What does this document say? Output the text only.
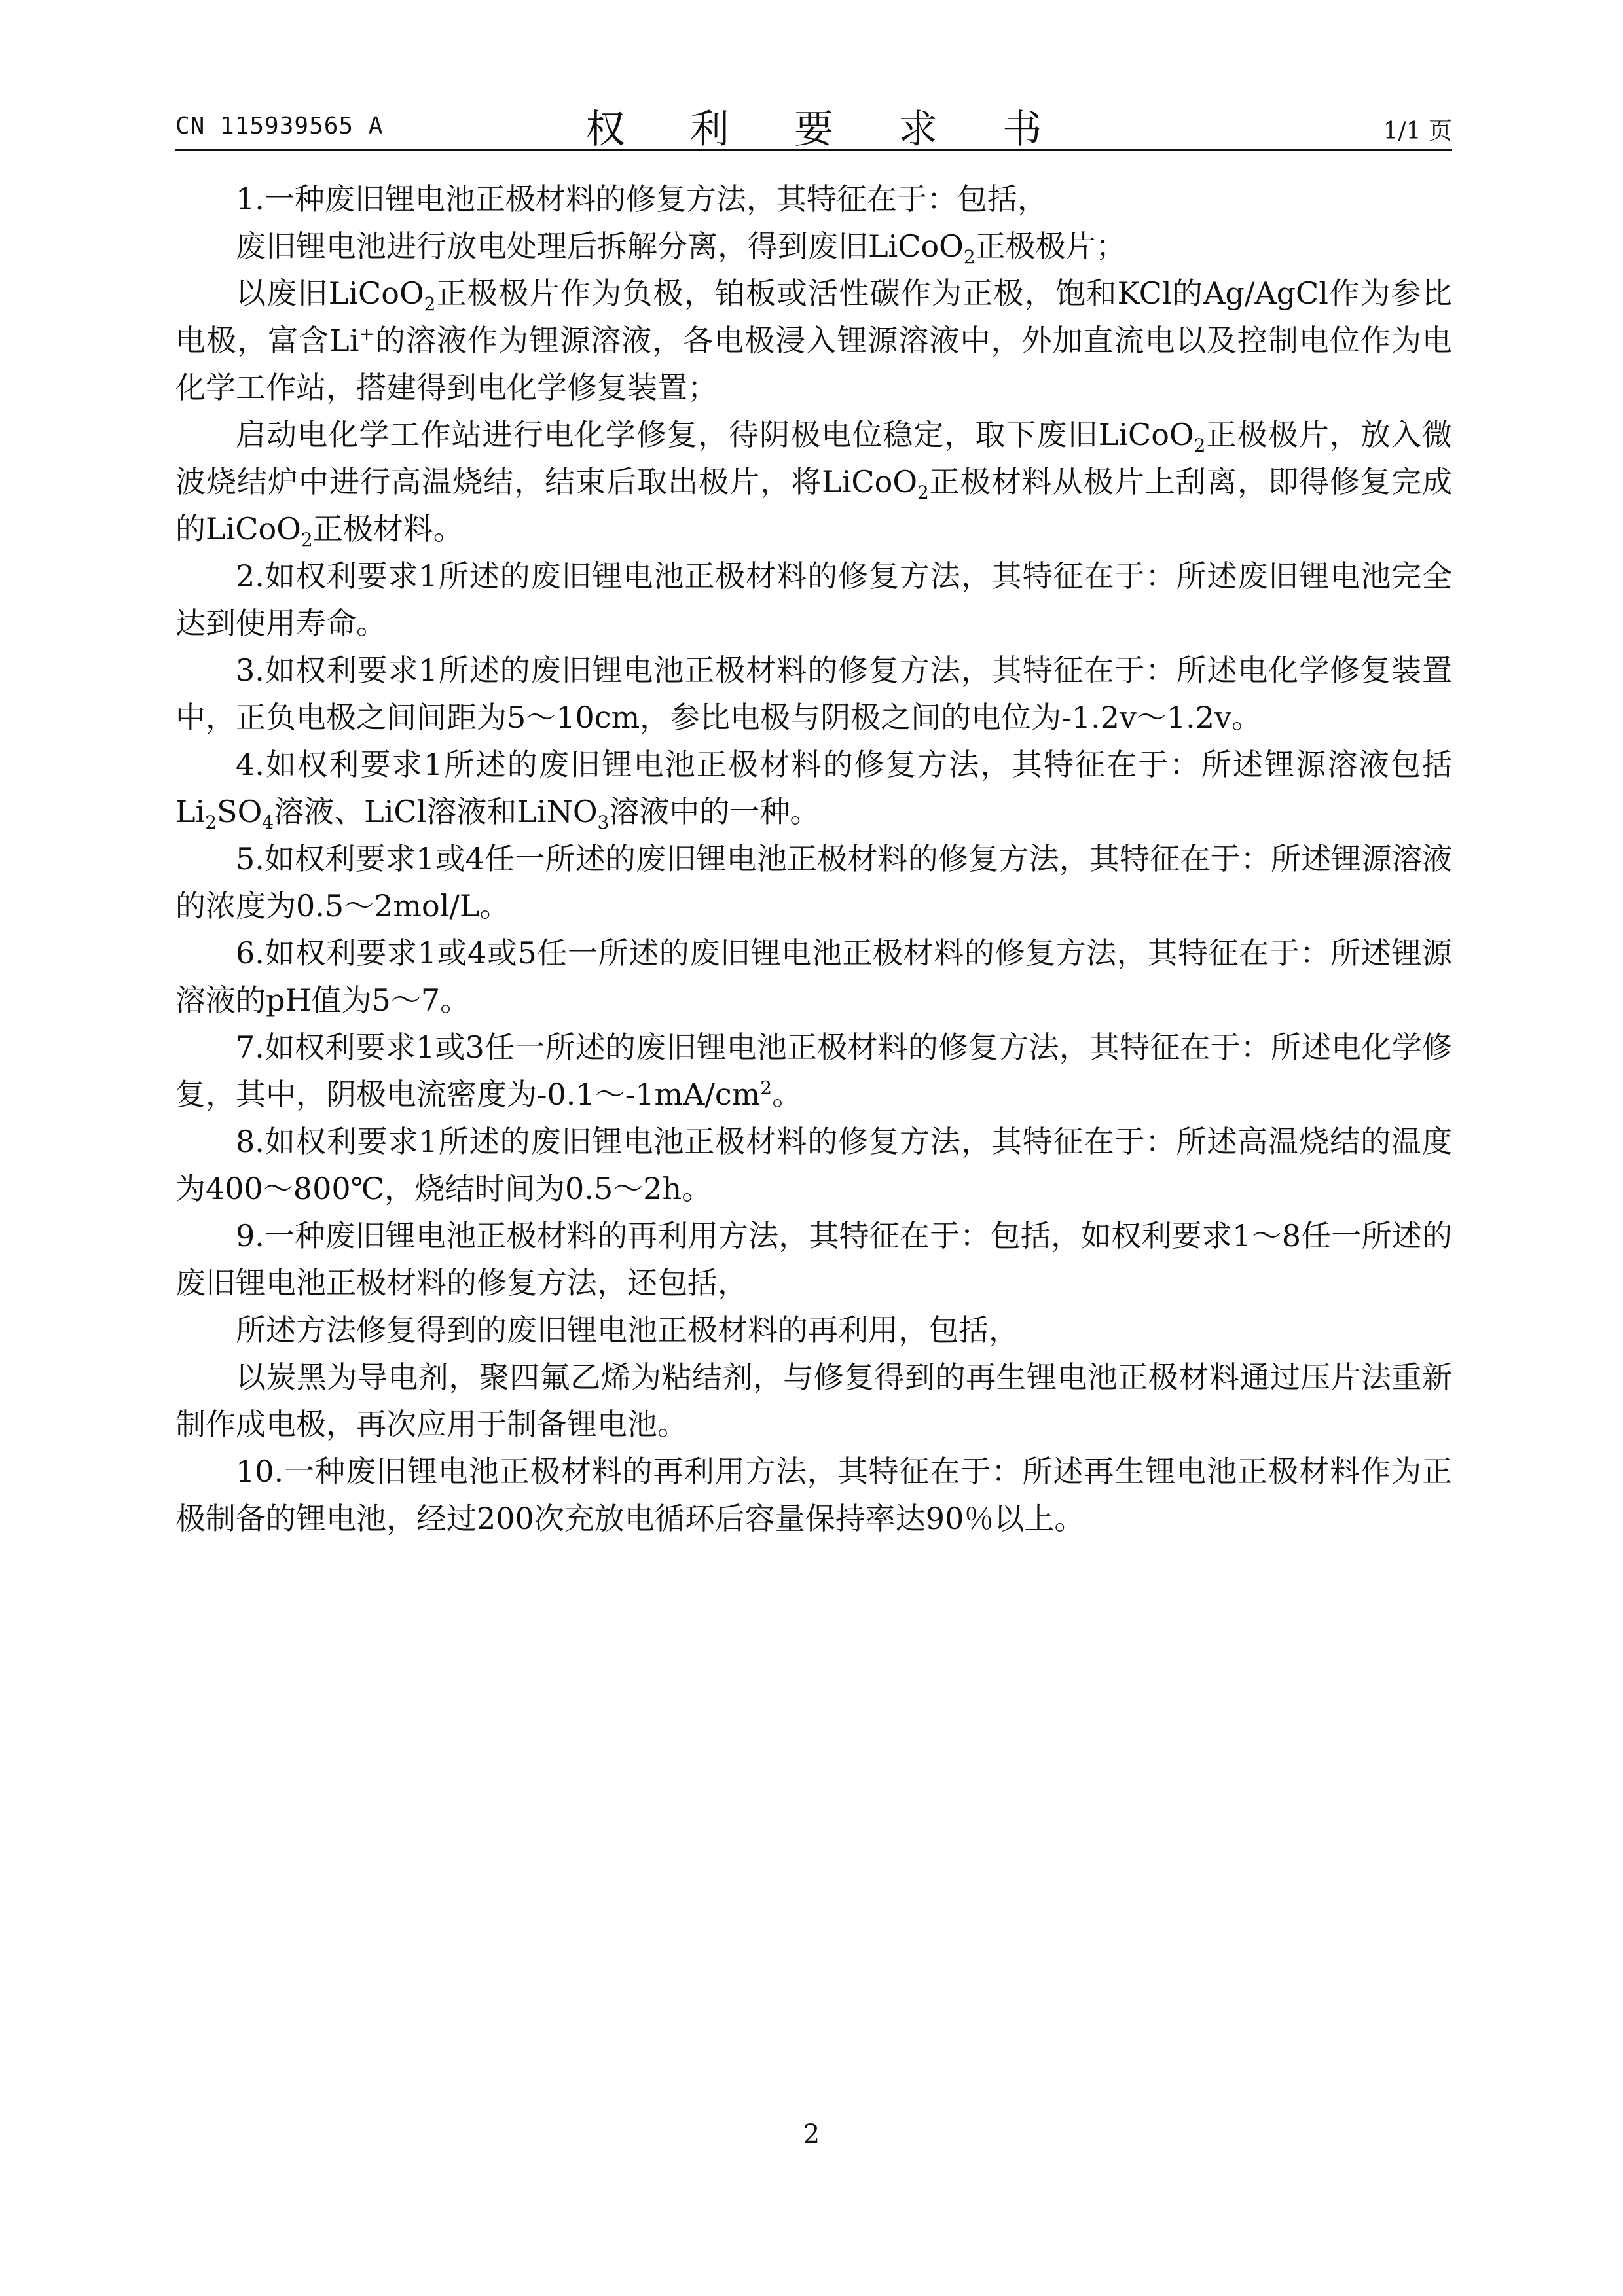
CN 115939565 A	权 利 要 求 书	1/1 页

1.一种废旧锂电池正极材料的修复方法，其特征在于：包括，

废旧锂电池进行放电处理后拆解分离，得到废旧LiCoO$_2$正极极片；

以废旧LiCoO$_2$正极极片作为负极，铂板或活性碳作为正极，饱和KCl的Ag/AgCl作为参比电极，富含Li+的溶液作为锂源溶液，各电极浸入锂源溶液中，外加直流电以及控制电位作为电化学工作站，搭建得到电化学修复装置；

启动电化学工作站进行电化学修复，待阴极电位稳定，取下废旧LiCoO$_2$正极极片，放入微波烧结炉中进行高温烧结，结束后取出极片，将LiCoO$_2$正极材料从极片上刮离，即得修复完成的LiCoO$_2$正极材料。

2.如权利要求1所述的废旧锂电池正极材料的修复方法，其特征在于：所述废旧锂电池完全达到使用寿命。

3.如权利要求1所述的废旧锂电池正极材料的修复方法，其特征在于：所述电化学修复装置中，正负电极之间间距为5～10cm，参比电极与阴极之间的电位为-1.2v～1.2v。

4.如权利要求1所述的废旧锂电池正极材料的修复方法，其特征在于：所述锂源溶液包括$Li_2SO_4$溶液、LiCl溶液和LiNO$_3$溶液中的一种。

5.如权利要求1或4任一所述的废旧锂电池正极材料的修复方法，其特征在于：所述锂源溶液的浓度为0.5～2mol/L。

6.如权利要求1或4或5任一所述的废旧锂电池正极材料的修复方法，其特征在于：所述锂源溶液的pH值为5～7。

7.如权利要求1或3任一所述的废旧锂电池正极材料的修复方法，其特征在于：所述电化学修复，其中，阴极电流密度为$-0.1\sim-1mA/cm^2$。

8.如权利要求1所述的废旧锂电池正极材料的修复方法，其特征在于：所述高温烧结的温度为400～800℃，烧结时间为0.5～2h。

9.一种废旧锂电池正极材料的再利用方法，其特征在于：包括，如权利要求1～8任一所述的废旧锂电池正极材料的修复方法，还包括，

所述方法修复得到的废旧锂电池正极材料的再利用，包括，

以炭黑为导电剂，聚四氟乙烯为粘结剂，与修复得到的再生锂电池正极材料通过压片法重新制作成电极，再次应用于制备锂电池。

10.一种废旧锂电池正极材料的再利用方法，其特征在于：所述再生锂电池正极材料作为正极制备的锂电池，经过200次充放电循环后容量保持率达90％以上。

2
